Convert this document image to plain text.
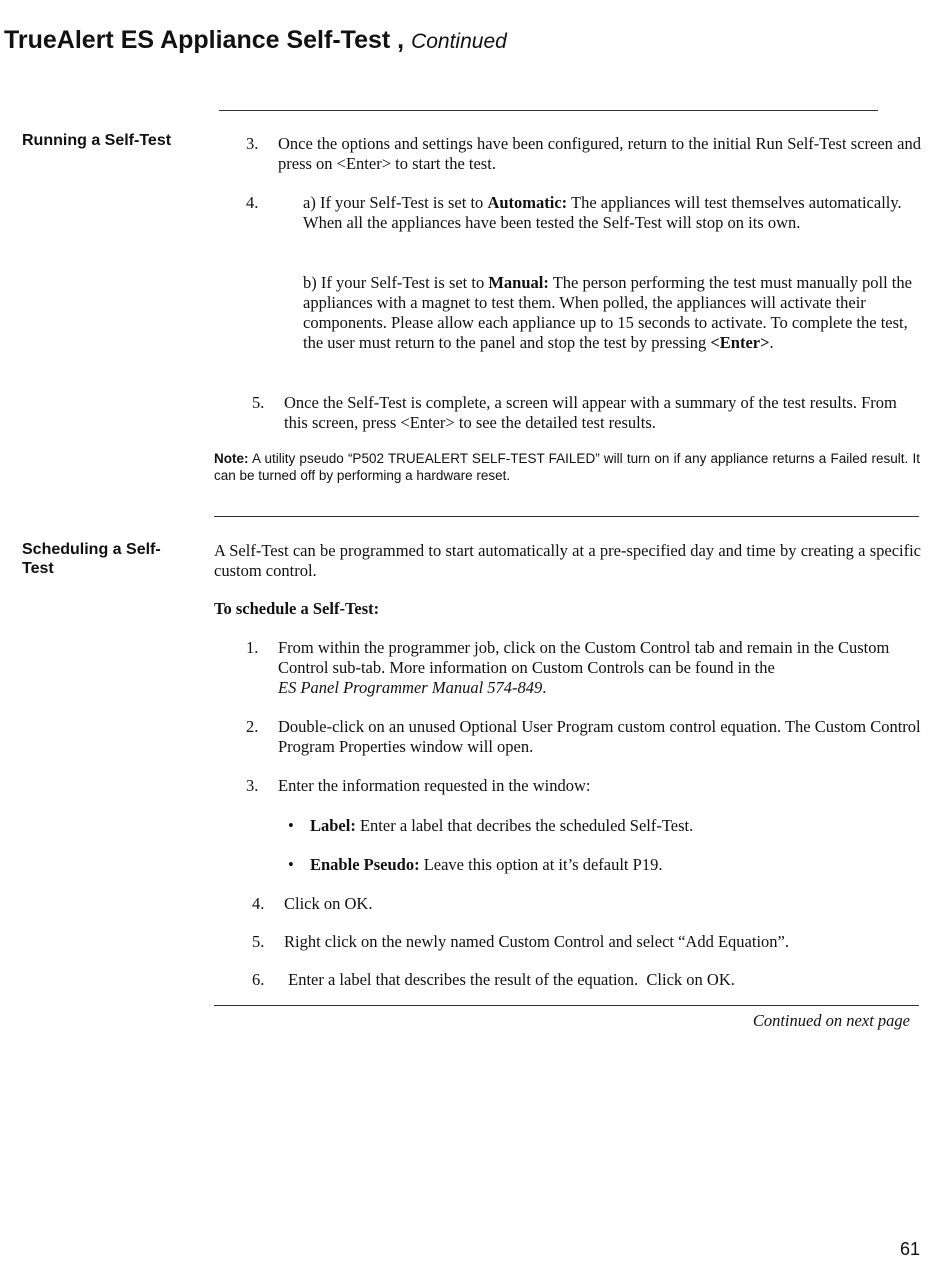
TrueAlert ES Appliance Self-Test , Continued
Running a Self-Test	3. Once the options and settings have been configured, return to the initial Run Self-Test screen and press on <Enter> to start the test.
4.	a) If your Self-Test is set to Automatic: The appliances will test themselves automatically. When all the appliances have been tested the Self-Test will stop on its own.
b) If your Self-Test is set to Manual: The person performing the test must manually poll the appliances with a magnet to test them. When polled, the appliances will activate their components. Please allow each appliance up to 15 seconds to activate. To complete the test, the user must return to the panel and stop the test by pressing <Enter>.
5. Once the Self-Test is complete, a screen will appear with a summary of the test results. From this screen, press <Enter> to see the detailed test results.
Note: A utility pseudo “P502 TRUEALERT SELF-TEST FAILED” will turn on if any appliance returns a Failed result. It can be turned off by performing a hardware reset.
Scheduling a Self-Test
A Self-Test can be programmed to start automatically at a pre-specified day and time by creating a specific custom control.
To schedule a Self-Test:
1. From within the programmer job, click on the Custom Control tab and remain in the Custom Control sub-tab. More information on Custom Controls can be found in the
ES Panel Programmer Manual 574-849.
2. Double-click on an unused Optional User Program custom control equation. The Custom Control Program Properties window will open.
3. Enter the information requested in the window:
• Label: Enter a label that decribes the scheduled Self-Test.
• Enable Pseudo: Leave this option at it’s default P19.
4. Click on OK.
5. Right click on the newly named Custom Control and select “Add Equation”.
6. Enter a label that describes the result of the equation.  Click on OK.
Continued on next page
61
